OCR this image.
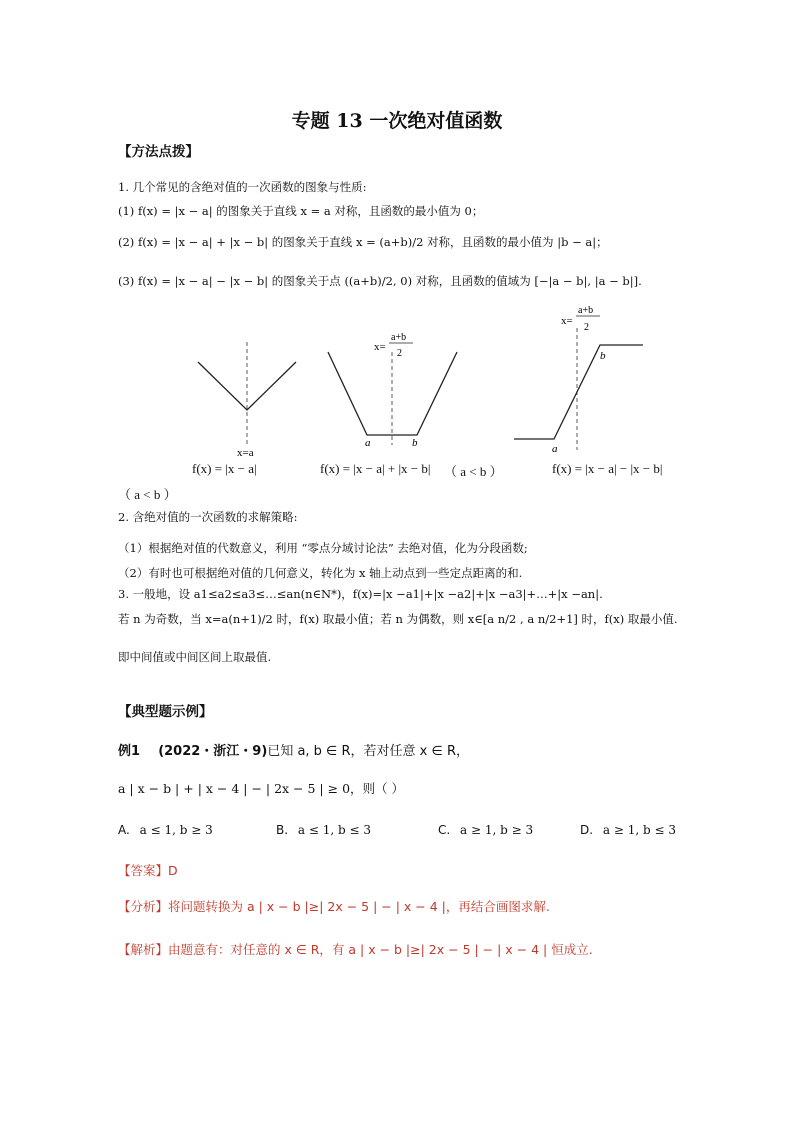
专题 13 一次绝对值函数
【方法点拨】
1. 几个常见的含绝对值的一次函数的图象与性质:
(1) f(x) = |x − a| 的图象关于直线 x = a 对称，且函数的最小值为 0；
(2) f(x) = |x − a| + |x − b| 的图象关于直线 x = (a+b)/2 对称，且函数的最小值为 |b − a|；
(3) f(x) = |x − a| − |x − b| 的图象关于点 ((a+b)/2, 0) 对称，且函数的值域为 [−|a − b|, |a − b|].
x=a
x=
a+b
2
a	b
x=
a+b
2
a
b
f(x) = |x − a|	f(x) = |x − a| + |x − b| （ a < b ）	f(x) = |x − a| − |x − b|
（ a < b ）
2. 含绝对值的一次函数的求解策略:
（1）根据绝对值的代数意义，利用 “零点分域讨论法” 去绝对值，化为分段函数;
（2）有时也可根据绝对值的几何意义，转化为 x 轴上动点到一些定点距离的和.
3. 一般地，设 a1≤a2≤a3≤…≤an(n∈N*)，f(x)=|x −a1|+|x −a2|+|x −a3|+…+|x −an|.
若 n 为奇数，当 x=a(n+1)/2 时，f(x) 取最小值；若 n 为偶数，则 x∈[a n/2 , a n/2+1] 时，f(x) 取最小值.
即中间值或中间区间上取最值.
【典型题示例】
例1 (2022・浙江・9)已知 a, b ∈ R，若对任意 x ∈ R，
a | x − b | + | x − 4 | − | 2x − 5 | ≥ 0，则（ ）
A. a ≤ 1, b ≥ 3	B. a ≤ 1, b ≤ 3	C. a ≥ 1, b ≥ 3	D. a ≥ 1, b ≤ 3
【答案】D
【分析】将问题转换为 a | x − b |≥| 2x − 5 | − | x − 4 |，再结合画图求解.
【解析】由题意有：对任意的 x ∈ R，有 a | x − b |≥| 2x − 5 | − | x − 4 | 恒成立.
